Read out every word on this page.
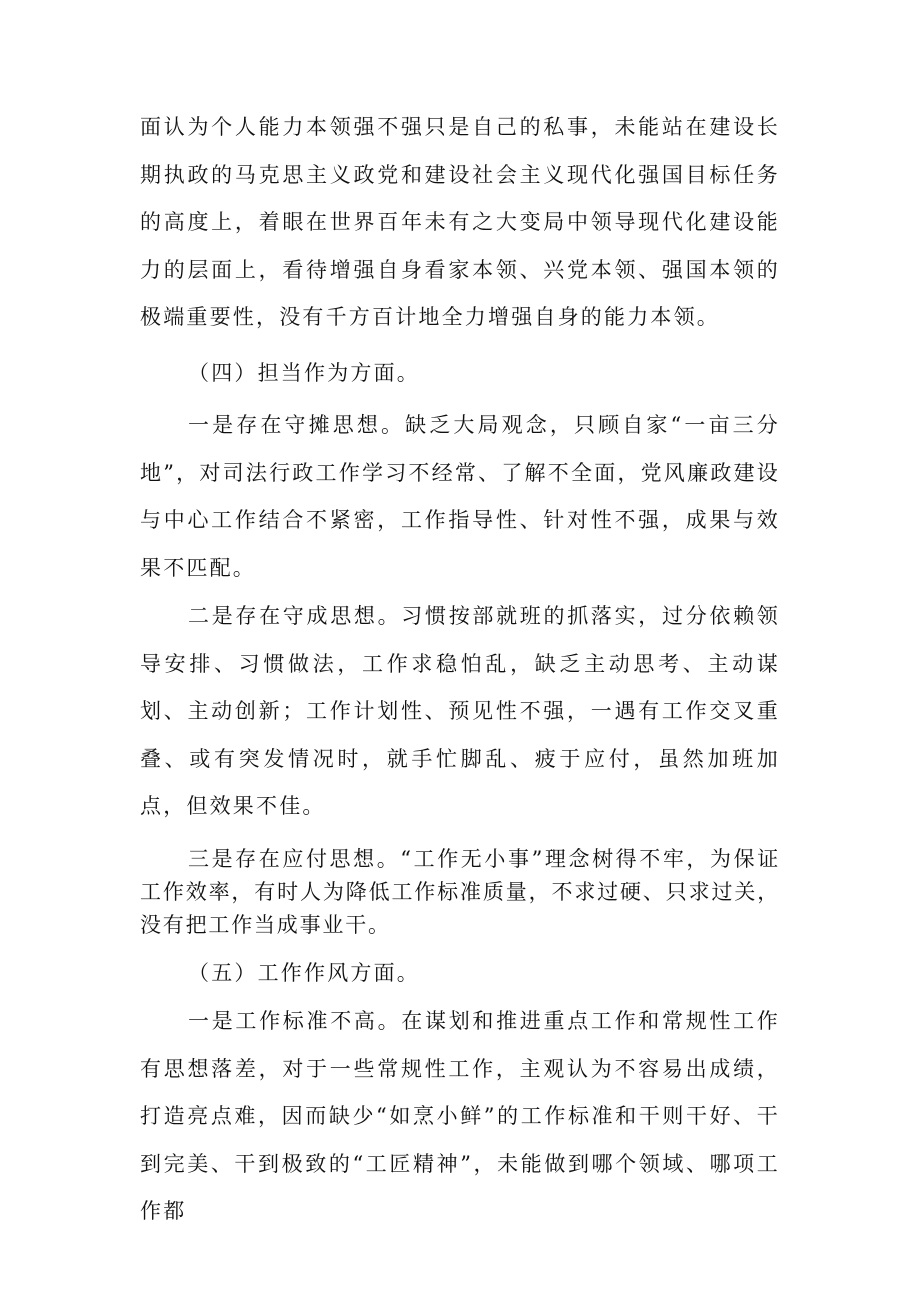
面认为个人能力本领强不强只是自己的私事，未能站在建设长期执政的马克思主义政党和建设社会主义现代化强国目标任务的高度上，着眼在世界百年未有之大变局中领导现代化建设能力的层面上，看待增强自身看家本领、兴党本领、强国本领的极端重要性，没有千方百计地全力增强自身的能力本领。

（四）担当作为方面。

一是存在守摊思想。缺乏大局观念，只顾自家“一亩三分地”，对司法行政工作学习不经常、了解不全面，党风廉政建设与中心工作结合不紧密，工作指导性、针对性不强，成果与效果不匹配。

二是存在守成思想。习惯按部就班的抓落实，过分依赖领导安排、习惯做法，工作求稳怕乱，缺乏主动思考、主动谋划、主动创新；工作计划性、预见性不强，一遇有工作交叉重叠、或有突发情况时，就手忙脚乱、疲于应付，虽然加班加点，但效果不佳。

三是存在应付思想。“工作无小事”理念树得不牢，为保证工作效率，有时人为降低工作标准质量，不求过硬、只求过关，没有把工作当成事业干。

（五）工作作风方面。

一是工作标准不高。在谋划和推进重点工作和常规性工作有思想落差，对于一些常规性工作，主观认为不容易出成绩，打造亮点难，因而缺少“如烹小鲜”的工作标准和干则干好、干到完美、干到极致的“工匠精神”，未能做到哪个领域、哪项工作都
